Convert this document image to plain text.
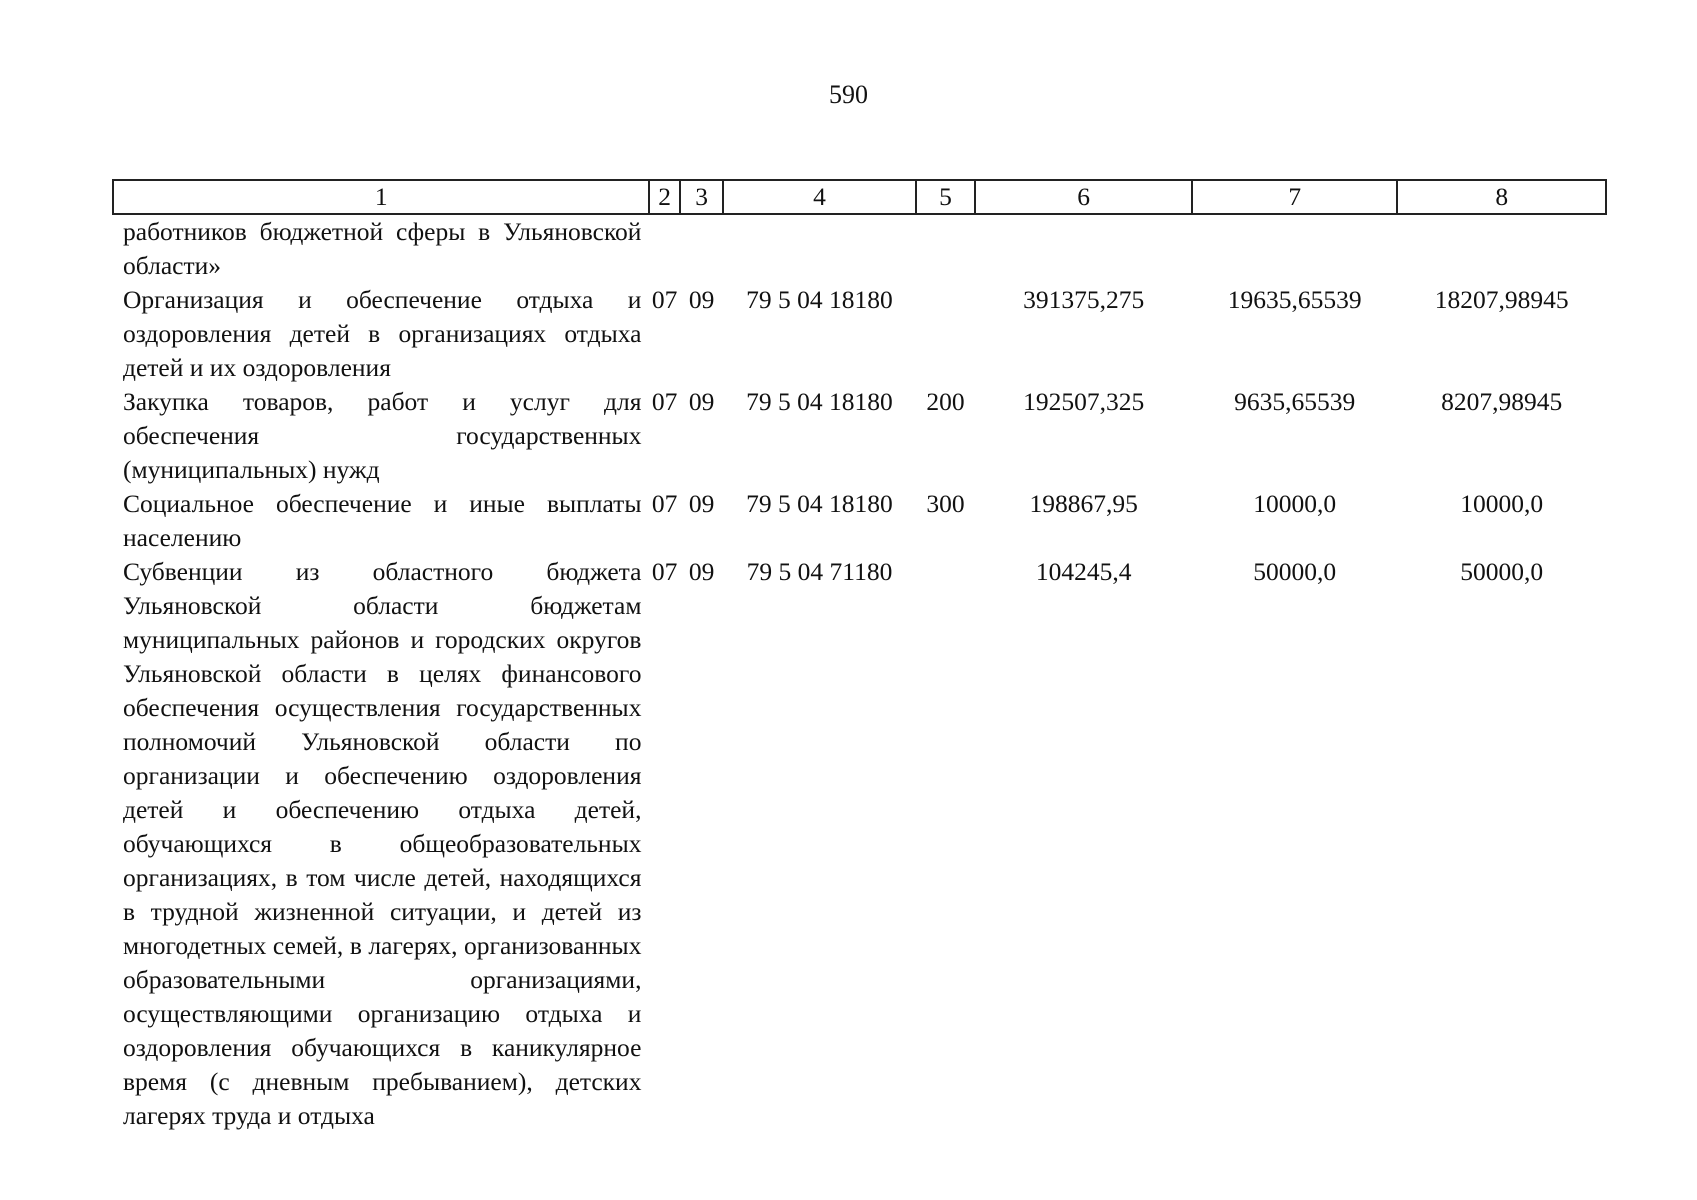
590
1	2	3	4	5	6	7	8
работников бюджетной сферы в Ульяновской области»							
Организация и обеспечение отдыха и оздоровления детей в организациях отдыха детей и их оздоровления	07	09	79 5 04 18180		391375,275	19635,65539	18207,98945
Закупка товаров, работ и услуг для обеспечения государственных (муниципальных) нужд	07	09	79 5 04 18180	200	192507,325	9635,65539	8207,98945
Социальное обеспечение и иные выплаты населению	07	09	79 5 04 18180	300	198867,95	10000,0	10000,0
Субвенции из областного бюджета Ульяновской области бюджетам муниципальных районов и городских округов Ульяновской области в целях финансового обеспечения осуществления государственных полномочий Ульяновской области по организации и обеспечению оздоровления детей и обеспечению отдыха детей, обучающихся в общеобразовательных организациях, в том числе детей, находящихся в трудной жизненной ситуации, и детей из многодетных семей, в лагерях, организованных образовательными организациями, осуществляющими организацию отдыха и оздоровления обучающихся в каникулярное время (с дневным пребыванием), детских лагерях труда и отдыха	07	09	79 5 04 71180		104245,4	50000,0	50000,0
